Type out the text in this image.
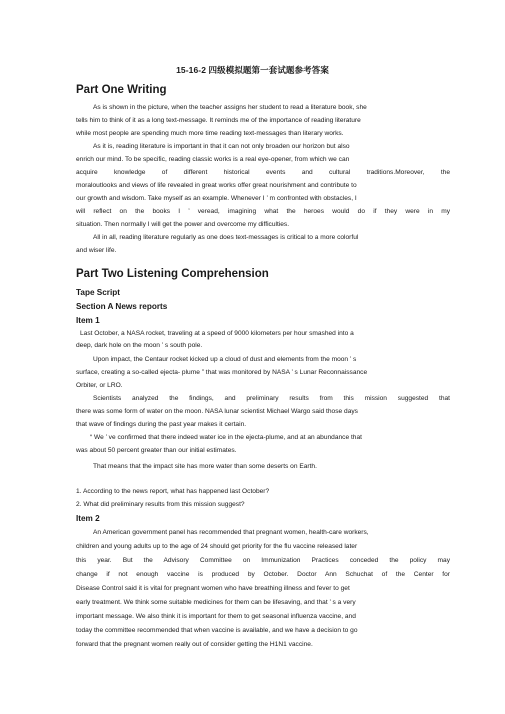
15-16-2 四级模拟题第一套试题参考答案
Part One Writing
As is shown in the picture, when the teacher assigns her student to read a literature book, she
tells him to think of it as a long text-message. It reminds me of the importance of reading literature
while most people are spending much more time reading text-messages than literary works.
As it is, reading literature is important in that it can not only broaden our horizon but also
enrich our mind. To be specific, reading classic works is a real eye-opener, from which we can
acquire knowledge of different historical events and cultural traditions.Moreover, the
moraloutlooks and views of life revealed in great works offer great nourishment and contribute to
our growth and wisdom. Take myself as an example. Whenever I ’ m confronted with obstacles, I
will reflect on the books I ’ veread, imagining what the heroes would do if they were in my
situation. Then normally I will get the power and overcome my difficulties.
All in all, reading literature regularly as one does text-messages is critical to a more colorful
and wiser life.
Part Two Listening Comprehension
Tape Script
Section A News reports
Item 1
Last October, a NASA rocket, traveling at a speed of 9000 kilometers per hour smashed into a
deep, dark hole on the moon ’ s south pole.
Upon impact, the Centaur rocket kicked up a cloud of dust and elements from the moon ’ s
surface, creating a so-called ejecta- plume ” that was monitored by NASA ’ s Lunar Reconnaissance
Orbiter, or LRO.
Scientists analyzed the findings, and preliminary results from this mission suggested that
there was some form of water on the moon. NASA lunar scientist Michael Wargo said those days
that wave of findings during the past year makes it certain.
“ We ’ ve confirmed that there indeed water ice in the ejecta-plume, and at an abundance that
was about 50 percent greater than our initial estimates.
That means that the impact site has more water than some deserts on Earth.
1. According to the news report, what has happened last October?
2. What did preliminary results from this mission suggest?
Item 2
An American government panel has recommended that pregnant women, health-care workers,
children and young adults up to the age of 24 should get priority for the flu vaccine released later
this year. But the Advisory Committee on Immunization Practices conceded the policy may
change if not enough vaccine is produced by October. Doctor Ann Schuchat of the Center for
Disease Control said it is vital for pregnant women who have breathing illness and fever to get
early treatment. We think some suitable medicines for them can be lifesaving, and that ’ s a very
important message. We also think it is important for them to get seasonal influenza vaccine, and
today the committee recommended that when vaccine is available, and we have a decision to go
forward that the pregnant women really out of consider getting the H1N1 vaccine.
